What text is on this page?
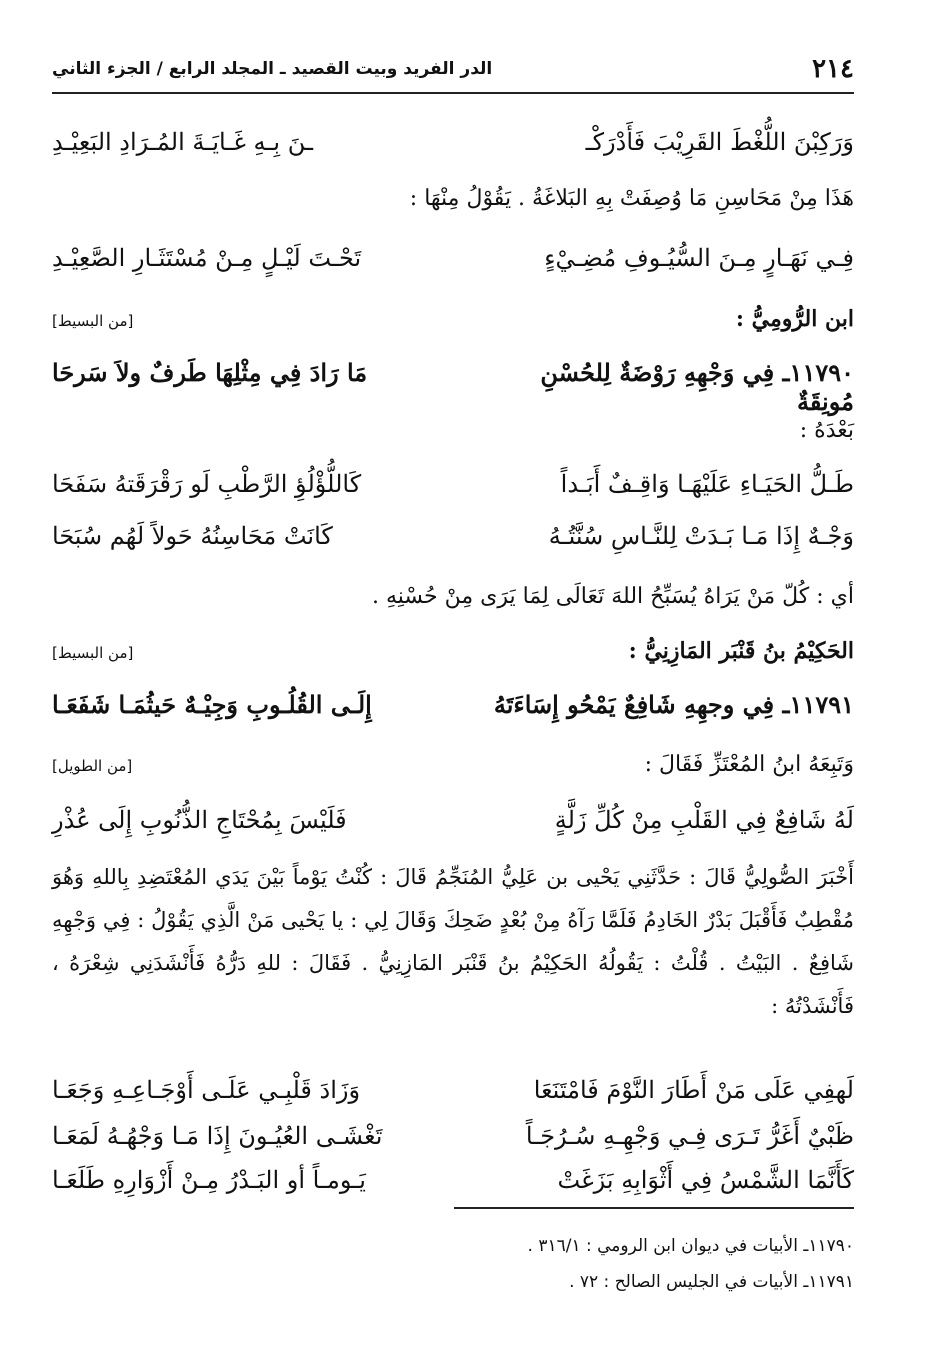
٢١٤
الدر الفريد وبيت القصيد ـ المجلد الرابع / الجزء الثاني
وَرَكِبْنَ اللُّغْطَ القَرِيْبَ فَأَدْرَكْـ
ـنَ بِـهِ غَـايَـةَ المُـرَادِ البَعِيْـدِ
هَذَا مِنْ مَحَاسِنِ مَا وُصِفَتْ بِهِ البَلاغَةُ . يَقُوْلُ مِنْهَا :
فِـي نَهَـارٍ مِـنَ السُّيُـوفِ مُضِـيْءٍ
تَحْـتَ لَيْـلٍ مِـنْ مُسْتَثَـارِ الصَّعِيْـدِ
ابن الرُّومِيُّ :
[من البسيط]
١١٧٩٠ـ فِي وَجْهِهِ رَوْضَةٌ لِلحُسْنِ مُونِقَةٌ
مَا رَادَ فِي مِثْلِهَا طَرفٌ ولاَ سَرحَا
بَعْدَهُ :
طَـلُّ الحَيَـاءِ عَلَيْهَـا وَاقِـفٌ أَبَـداً
كَاللُّؤْلُؤِ الرَّطْبِ لَو رَقْرَقَتهُ سَفَحَا
وَجْـهٌ إِذَا مَـا بَـدَتْ لِلنَّـاسِ سُنَّتُـهُ
كَانَتْ مَحَاسِنُهُ حَولاً لَهُم سُبَحَا
أي : كُلّ مَنْ يَرَاهُ يُسَبِّحُ اللهَ تَعَالَى لِمَا يَرَى مِنْ حُسْنِهِ .
الحَكِيْمُ بنُ قَنْبَر المَازِنِيُّ :
[من البسيط]
١١٧٩١ـ فِي وجهِهِ شَافِعٌ يَمْحُو إِسَاءَتَهُ
إِلَـى القُلُـوبِ وَجِيْـهٌ حَيثُمَـا شَفَعَـا
وَتَبِعَهُ ابنُ المُعْتَزِّ فَقَالَ :
[من الطويل]
لَهُ شَافِعٌ فِي القَلْبِ مِنْ كُلِّ زَلَّةٍ
فَلَيْسَ بِمُحْتَاجِ الذُّنُوبِ إِلَى عُذْرِ
أَخْبَرَ الصُّولِيُّ قَالَ : حَدَّثَنِي يَحْيى بن عَلِيُّ المُنَجِّمُ قَالَ : كُنْتُ يَوْماً بَيْنَ يَدَي المُعْتَضِدِ بِاللهِ وَهُوَ مُقْطِبٌ فَأَقْبَلَ بَدْرٌ الخَادِمُ فَلَمَّا رَآهُ مِنْ بُعْدٍ ضَحِكَ وَقَالَ لِي : يا يَحْيى مَنْ الَّذِي يَقُوْلُ : فِي وَجْهِهِ شَافِعٌ . البَيْتُ . قُلْتُ : يَقُولُهُ الحَكِيْمُ بنُ قَنْبَر المَازِنِيُّ . فَقَالَ : للهِ دَرُّهُ فَأَنْشَدَنِي شِعْرَهُ ، فَأَنْشَدْتُهُ :
لَهفِي عَلَى مَنْ أَطَارَ النَّوْمَ فَامْتَنَعَا
وَزَادَ قَلْبِـي عَلَـى أَوْجَـاعِـهِ وَجَعَـا
ظَبْيٌ أَغَرُّ تَـرَى فِـي وَجْهِـهِ سُـرُجَـاً
تَغْشَـى العُيُـونَ إِذَا مَـا وَجْهُـهُ لَمَعَـا
كَأَنَّمَا الشَّمْسُ فِي أَثْوَابِهِ بَزَغَتْ
يَـومـاً أو البَـدْرُ مِـنْ أَزْوَارِهِ طَلَعَـا
١١٧٩٠ـ الأبيات في ديوان ابن الرومي : ٣١٦/١ .
١١٧٩١ـ الأبيات في الجليس الصالح : ٧٢ .
